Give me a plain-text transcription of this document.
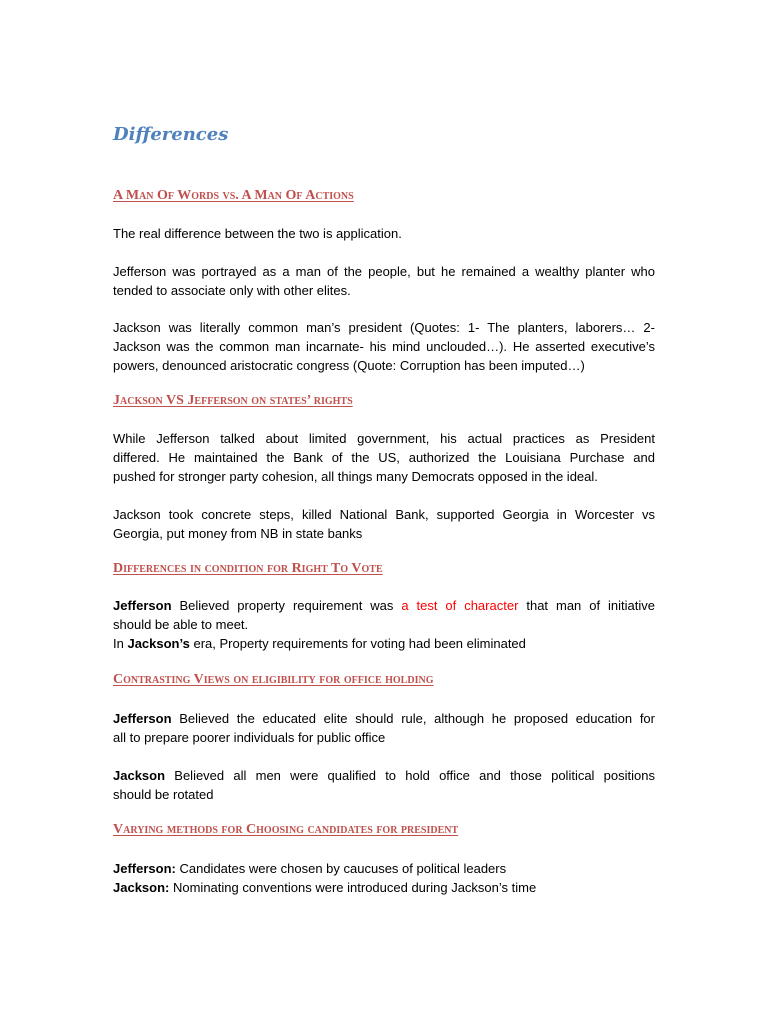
Differences
A Man Of Words vs. A Man Of Actions

The real difference between the two is application.

Jefferson was portrayed as a man of the people, but he remained a wealthy planter who
tended to associate only with other elites.

Jackson was literally common man’s president (Quotes: 1- The planters, laborers… 2-
Jackson was the common man incarnate- his mind unclouded…). He asserted executive’s
powers, denounced aristocratic congress (Quote: Corruption has been imputed…)

Jackson VS Jefferson on states’ rights

While Jefferson talked about limited government, his actual practices as President
differed. He maintained the Bank of the US, authorized the Louisiana Purchase and
pushed for stronger party cohesion, all things many Democrats opposed in the ideal.

Jackson took concrete steps, killed National Bank, supported Georgia in Worcester vs
Georgia, put money from NB in state banks

Differences in condition for Right To Vote

Jefferson Believed property requirement was a test of character that man of initiative
should be able to meet.
In Jackson’s era, Property requirements for voting had been eliminated

Contrasting Views on eligibility for office holding

Jefferson Believed the educated elite should rule, although he proposed education for
all to prepare poorer individuals for public office

Jackson Believed all men were qualified to hold office and those political positions
should be rotated

Varying methods for Choosing candidates for president

Jefferson: Candidates were chosen by caucuses of political leaders
Jackson: Nominating conventions were introduced during Jackson’s time
